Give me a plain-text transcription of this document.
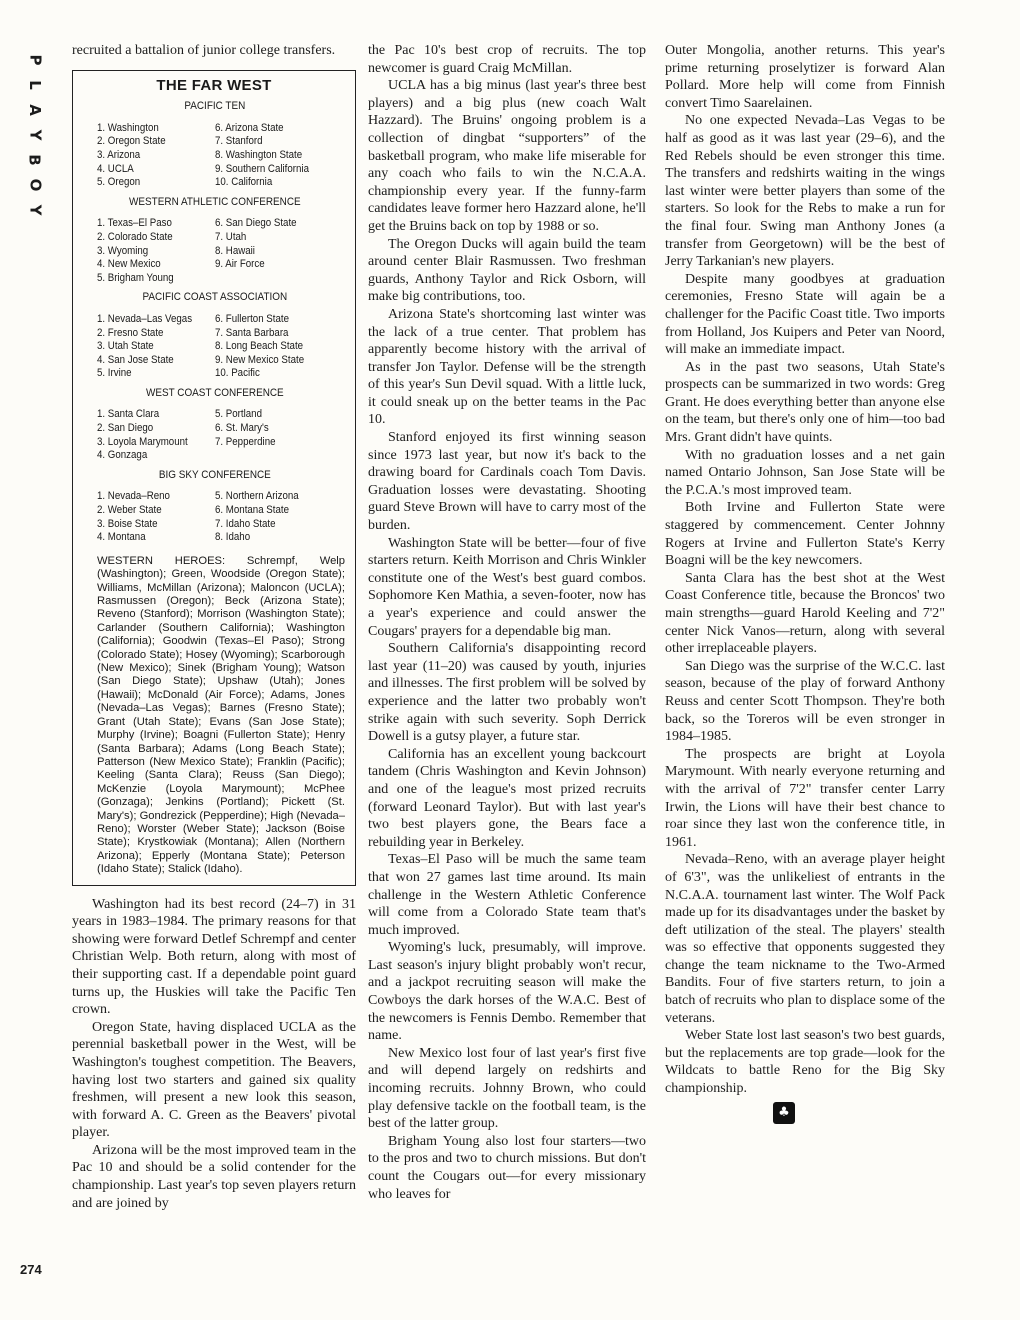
P
L
A
Y
B
O
Y
274

recruited a battalion of junior college transfers.

THE FAR WEST
PACIFIC TEN
1. Washington	6. Arizona State
2. Oregon State	7. Stanford
3. Arizona	8. Washington State
4. UCLA	9. Southern California
5. Oregon	10. California
WESTERN ATHLETIC CONFERENCE
1. Texas–El Paso	6. San Diego State
2. Colorado State	7. Utah
3. Wyoming	8. Hawaii
4. New Mexico	9. Air Force
5. Brigham Young
PACIFIC COAST ASSOCIATION
1. Nevada–Las Vegas	6. Fullerton State
2. Fresno State	7. Santa Barbara
3. Utah State	8. Long Beach State
4. San Jose State	9. New Mexico State
5. Irvine	10. Pacific
WEST COAST CONFERENCE
1. Santa Clara	5. Portland
2. San Diego	6. St. Mary's
3. Loyola Marymount	7. Pepperdine
4. Gonzaga
BIG SKY CONFERENCE
1. Nevada–Reno	5. Northern Arizona
2. Weber State	6. Montana State
3. Boise State	7. Idaho State
4. Montana	8. Idaho
WESTERN HEROES: Schrempf, Welp (Washington); Green, Woodside (Oregon State); Williams, McMillan (Arizona); Maloncon (UCLA); Rasmussen (Oregon); Beck (Arizona State); Reveno (Stanford); Morrison (Washington State); Carlander (Southern California); Washington (California); Goodwin (Texas–El Paso); Strong (Colorado State); Hosey (Wyoming); Scarborough (New Mexico); Sinek (Brigham Young); Watson (San Diego State); Upshaw (Utah); Jones (Hawaii); McDonald (Air Force); Adams, Jones (Nevada–Las Vegas); Barnes (Fresno State); Grant (Utah State); Evans (San Jose State); Murphy (Irvine); Boagni (Fullerton State); Henry (Santa Barbara); Adams (Long Beach State); Patterson (New Mexico State); Franklin (Pacific); Keeling (Santa Clara); Reuss (San Diego); McKenzie (Loyola Marymount); McPhee (Gonzaga); Jenkins (Portland); Pickett (St. Mary's); Gondrezick (Pepperdine); High (Nevada–Reno); Worster (Weber State); Jackson (Boise State); Krystkowiak (Montana); Allen (Northern Arizona); Epperly (Montana State); Peterson (Idaho State); Stalick (Idaho).

Washington had its best record (24–7) in 31 years in 1983–1984. The primary reasons for that showing were forward Detlef Schrempf and center Christian Welp. Both return, along with most of their supporting cast. If a dependable point guard turns up, the Huskies will take the Pacific Ten crown.

Oregon State, having displaced UCLA as the perennial basketball power in the West, will be Washington's toughest competition. The Beavers, having lost two starters and gained six quality freshmen, will present a new look this season, with forward A. C. Green as the Beavers' pivotal player.

Arizona will be the most improved team in the Pac 10 and should be a solid contender for the championship. Last year's top seven players return and are joined by

the Pac 10's best crop of recruits. The top newcomer is guard Craig McMillan.

UCLA has a big minus (last year's three best players) and a big plus (new coach Walt Hazzard). The Bruins' ongoing problem is a collection of dingbat “supporters” of the basketball program, who make life miserable for any coach who fails to win the N.C.A.A. championship every year. If the funny-farm candidates leave former hero Hazzard alone, he'll get the Bruins back on top by 1988 or so.

The Oregon Ducks will again build the team around center Blair Rasmussen. Two freshman guards, Anthony Taylor and Rick Osborn, will make big contributions, too.

Arizona State's shortcoming last winter was the lack of a true center. That problem has apparently become history with the arrival of transfer Jon Taylor. Defense will be the strength of this year's Sun Devil squad. With a little luck, it could sneak up on the better teams in the Pac 10.

Stanford enjoyed its first winning season since 1973 last year, but now it's back to the drawing board for Cardinals coach Tom Davis. Graduation losses were devastating. Shooting guard Steve Brown will have to carry most of the burden.

Washington State will be better—four of five starters return. Keith Morrison and Chris Winkler constitute one of the West's best guard combos. Sophomore Ken Mathia, a seven-footer, now has a year's experience and could answer the Cougars' prayers for a dependable big man.

Southern California's disappointing record last year (11–20) was caused by youth, injuries and illnesses. The first problem will be solved by experience and the latter two probably won't strike again with such severity. Soph Derrick Dowell is a gutsy player, a future star.

California has an excellent young backcourt tandem (Chris Washington and Kevin Johnson) and one of the league's most prized recruits (forward Leonard Taylor). But with last year's two best players gone, the Bears face a rebuilding year in Berkeley.

Texas–El Paso will be much the same team that won 27 games last time around. Its main challenge in the Western Athletic Conference will come from a Colorado State team that's much improved.

Wyoming's luck, presumably, will improve. Last season's injury blight probably won't recur, and a jackpot recruiting season will make the Cowboys the dark horses of the W.A.C. Best of the newcomers is Fennis Dembo. Remember that name.

New Mexico lost four of last year's first five and will depend largely on redshirts and incoming recruits. Johnny Brown, who could play defensive tackle on the football team, is the best of the latter group.

Brigham Young also lost four starters—two to the pros and two to church missions. But don't count the Cougars out—for every missionary who leaves for

Outer Mongolia, another returns. This year's prime returning proselytizer is forward Alan Pollard. More help will come from Finnish convert Timo Saarelainen.

No one expected Nevada–Las Vegas to be half as good as it was last year (29–6), and the Red Rebels should be even stronger this time. The transfers and redshirts waiting in the wings last winter were better players than some of the starters. So look for the Rebs to make a run for the final four. Swing man Anthony Jones (a transfer from Georgetown) will be the best of Jerry Tarkanian's new players.

Despite many goodbyes at graduation ceremonies, Fresno State will again be a challenger for the Pacific Coast title. Two imports from Holland, Jos Kuipers and Peter van Noord, will make an immediate impact.

As in the past two seasons, Utah State's prospects can be summarized in two words: Greg Grant. He does everything better than anyone else on the team, but there's only one of him—too bad Mrs. Grant didn't have quints.

With no graduation losses and a net gain named Ontario Johnson, San Jose State will be the P.C.A.'s most improved team.

Both Irvine and Fullerton State were staggered by commencement. Center Johnny Rogers at Irvine and Fullerton State's Kerry Boagni will be the key newcomers.

Santa Clara has the best shot at the West Coast Conference title, because the Broncos' two main strengths—guard Harold Keeling and 7'2" center Nick Vanos—return, along with several other irreplaceable players.

San Diego was the surprise of the W.C.C. last season, because of the play of forward Anthony Reuss and center Scott Thompson. They're both back, so the Toreros will be even stronger in 1984–1985.

The prospects are bright at Loyola Marymount. With nearly everyone returning and with the arrival of 7'2" transfer center Larry Irwin, the Lions will have their best chance to roar since they last won the conference title, in 1961.

Nevada–Reno, with an average player height of 6'3", was the unlikeliest of entrants in the N.C.A.A. tournament last winter. The Wolf Pack made up for its disadvantages under the basket by deft utilization of the steal. The players' stealth was so effective that opponents suggested they change the team nickname to the Two-Armed Bandits. Four of five starters return, to join a batch of recruits who plan to displace some of the veterans.

Weber State lost last season's two best guards, but the replacements are top grade—look for the Wildcats to battle Reno for the Big Sky championship.

♣
